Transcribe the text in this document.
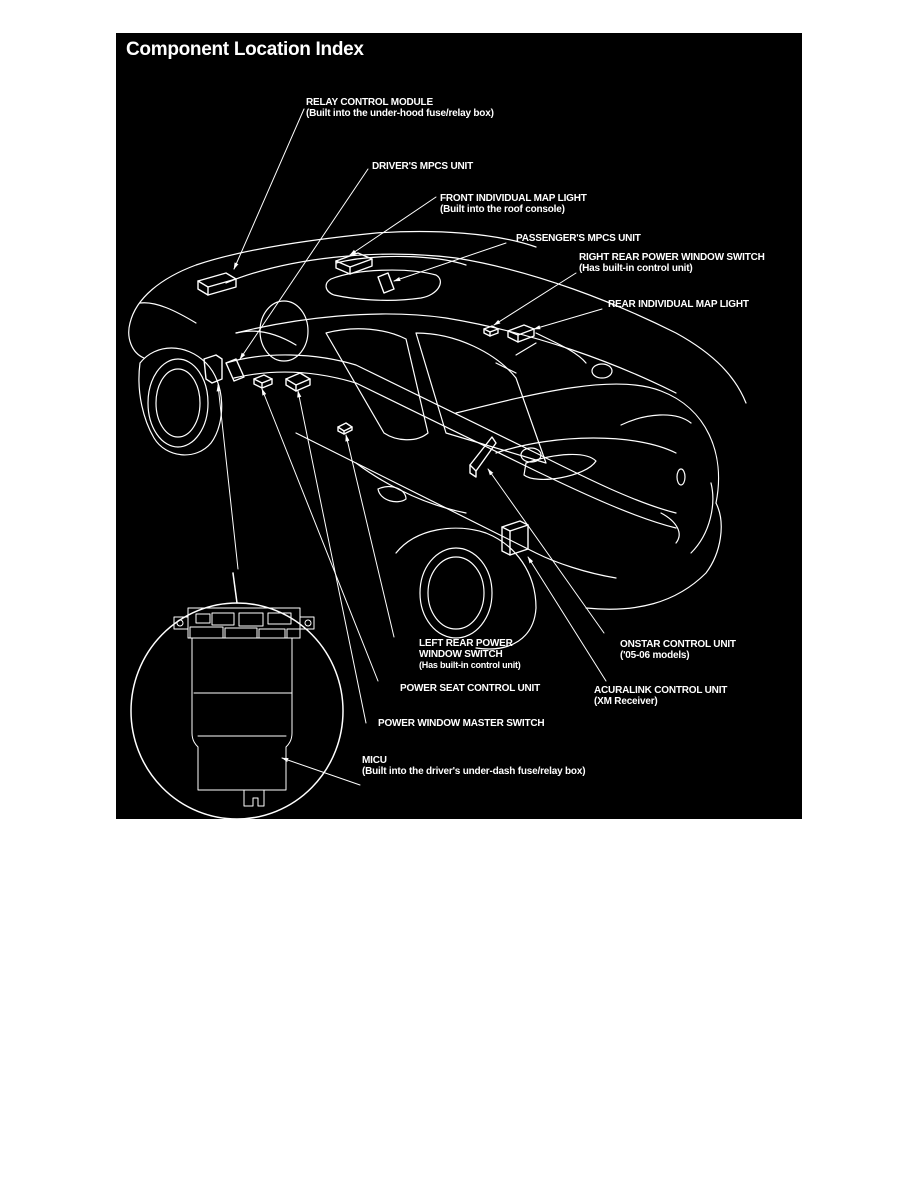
Component Location Index
RELAY CONTROL MODULE
(Built into the under-hood fuse/relay box)
DRIVER'S MPCS UNIT
FRONT INDIVIDUAL MAP LIGHT
(Built into the roof console)
PASSENGER'S MPCS UNIT
RIGHT REAR POWER WINDOW SWITCH
(Has built-in control unit)
REAR INDIVIDUAL MAP LIGHT
LEFT REAR POWER
WINDOW SWITCH
(Has built-in control unit)
ONSTAR CONTROL UNIT
('05-06 models)
POWER SEAT CONTROL UNIT	ACURALINK CONTROL UNIT
(XM Receiver)
POWER WINDOW MASTER SWITCH
MICU
(Built into the driver's under-dash fuse/relay box)
